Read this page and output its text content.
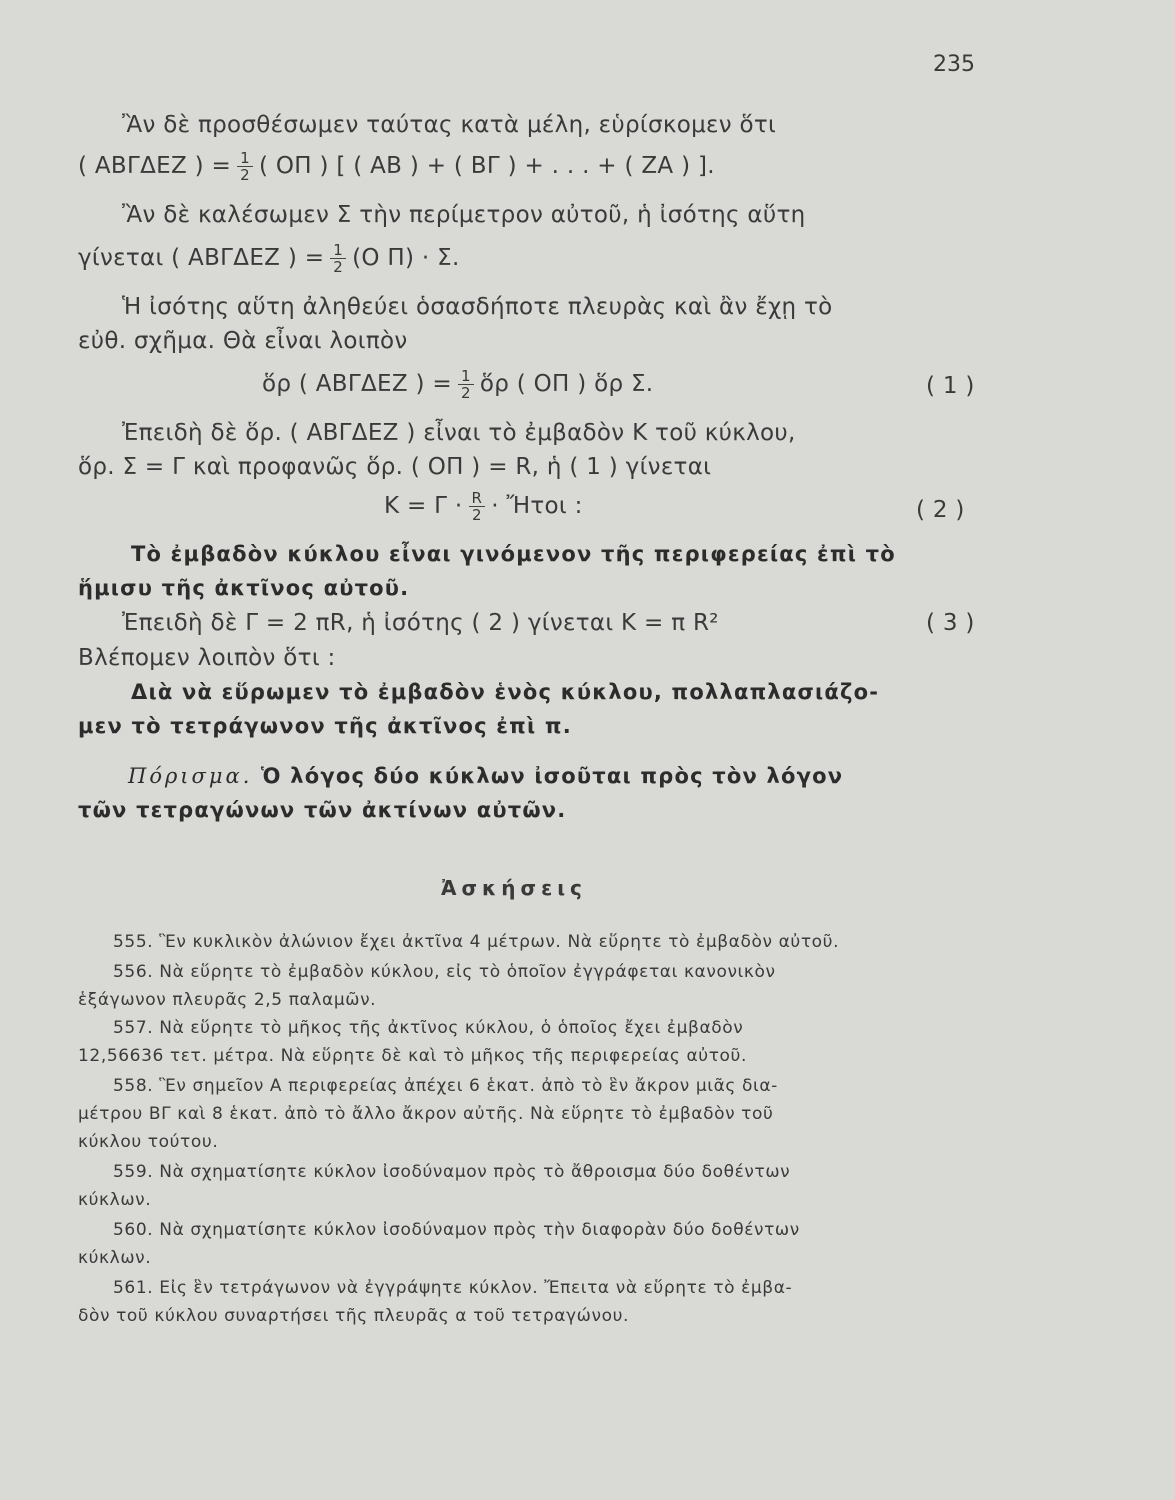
235
Ἂν δὲ προσθέσωμεν ταύτας κατὰ μέλη, εὑρίσκομεν ὅτι
( ΑΒΓΔΕΖ ) = $\frac{1}{2}$ ( ΟΠ ) [ ( ΑΒ ) + ( ΒΓ ) + . . . + ( ΖΑ ) ].
Ἂν δὲ καλέσωμεν Σ τὴν περίμετρον αὐτοῦ, ἡ ἰσότης αὕτη
γίνεται ( ΑΒΓΔΕΖ ) = $\frac{1}{2} (O$ Π) · Σ.
Ἡ ἰσότης αὕτη ἀληθεύει ὁσασδήποτε πλευρὰς καὶ ἂν ἔχῃ τὸ
εὐθ. σχῆμα. Θὰ εἶναι λοιπὸν
ὅρ ( ΑΒΓΔΕΖ ) = $\frac{1}{2}$ ὅρ ( ΟΠ ) ὅρ Σ.	( 1 )
Ἐπειδὴ δὲ ὅρ. ( ΑΒΓΔΕΖ ) εἶναι τὸ ἐμβαδὸν Κ τοῦ κύκλου,
ὅρ. Σ = Γ καὶ προφανῶς ὅρ. ( ΟΠ ) = R, ἡ ( 1 ) γίνεται
$K = \Gamma \cdot \frac{R}{2}$ · Ἤτοι :	( 2 )
Τὸ ἐμβαδὸν κύκλου εἶναι γινόμενον τῆς περιφερείας ἐπὶ τὸ
ἥμισυ τῆς ἀκτῖνος αὐτοῦ.
Ἐπειδὴ δὲ Γ = 2 πR, ἡ ἰσότης ( 2 ) γίνεται Κ = π R²	( 3 )
Βλέπομεν λοιπὸν ὅτι :
Διὰ νὰ εὕρωμεν τὸ ἐμβαδὸν ἑνὸς κύκλου, πολλαπλασιάζο-
μεν τὸ τετράγωνον τῆς ἀκτῖνος ἐπὶ π.
Πόρισμα. Ὁ λόγος δύο κύκλων ἰσοῦται πρὸς τὸν λόγον
τῶν τετραγώνων τῶν ἀκτίνων αὐτῶν.
Ἀσκήσεις
555. Ἓν κυκλικὸν ἀλώνιον ἔχει ἀκτῖνα 4 μέτρων. Νὰ εὕρητε τὸ ἐμβαδὸν αὐτοῦ.
556. Νὰ εὕρητε τὸ ἐμβαδὸν κύκλου, εἰς τὸ ὁποῖον ἐγγράφεται κανονικὸν
ἑξάγωνον πλευρᾶς 2,5 παλαμῶν.
557. Νὰ εὕρητε τὸ μῆκος τῆς ἀκτῖνος κύκλου, ὁ ὁποῖος ἔχει ἐμβαδὸν
12,56636 τετ. μέτρα. Νὰ εὕρητε δὲ καὶ τὸ μῆκος τῆς περιφερείας αὐτοῦ.
558. Ἓν σημεῖον Α περιφερείας ἀπέχει 6 ἑκατ. ἀπὸ τὸ ἓν ἄκρον μιᾶς δια-
μέτρου ΒΓ καὶ 8 ἑκατ. ἀπὸ τὸ ἄλλο ἄκρον αὐτῆς. Νὰ εὕρητε τὸ ἐμβαδὸν τοῦ
κύκλου τούτου.
559. Νὰ σχηματίσητε κύκλον ἰσοδύναμον πρὸς τὸ ἄθροισμα δύο δοθέντων
κύκλων.
560. Νὰ σχηματίσητε κύκλον ἰσοδύναμον πρὸς τὴν διαφορὰν δύο δοθέντων
κύκλων.
561. Εἰς ἓν τετράγωνον νὰ ἐγγράψητε κύκλον. Ἔπειτα νὰ εὕρητε τὸ ἐμβα-
δὸν τοῦ κύκλου συναρτήσει τῆς πλευρᾶς α τοῦ τετραγώνου.
